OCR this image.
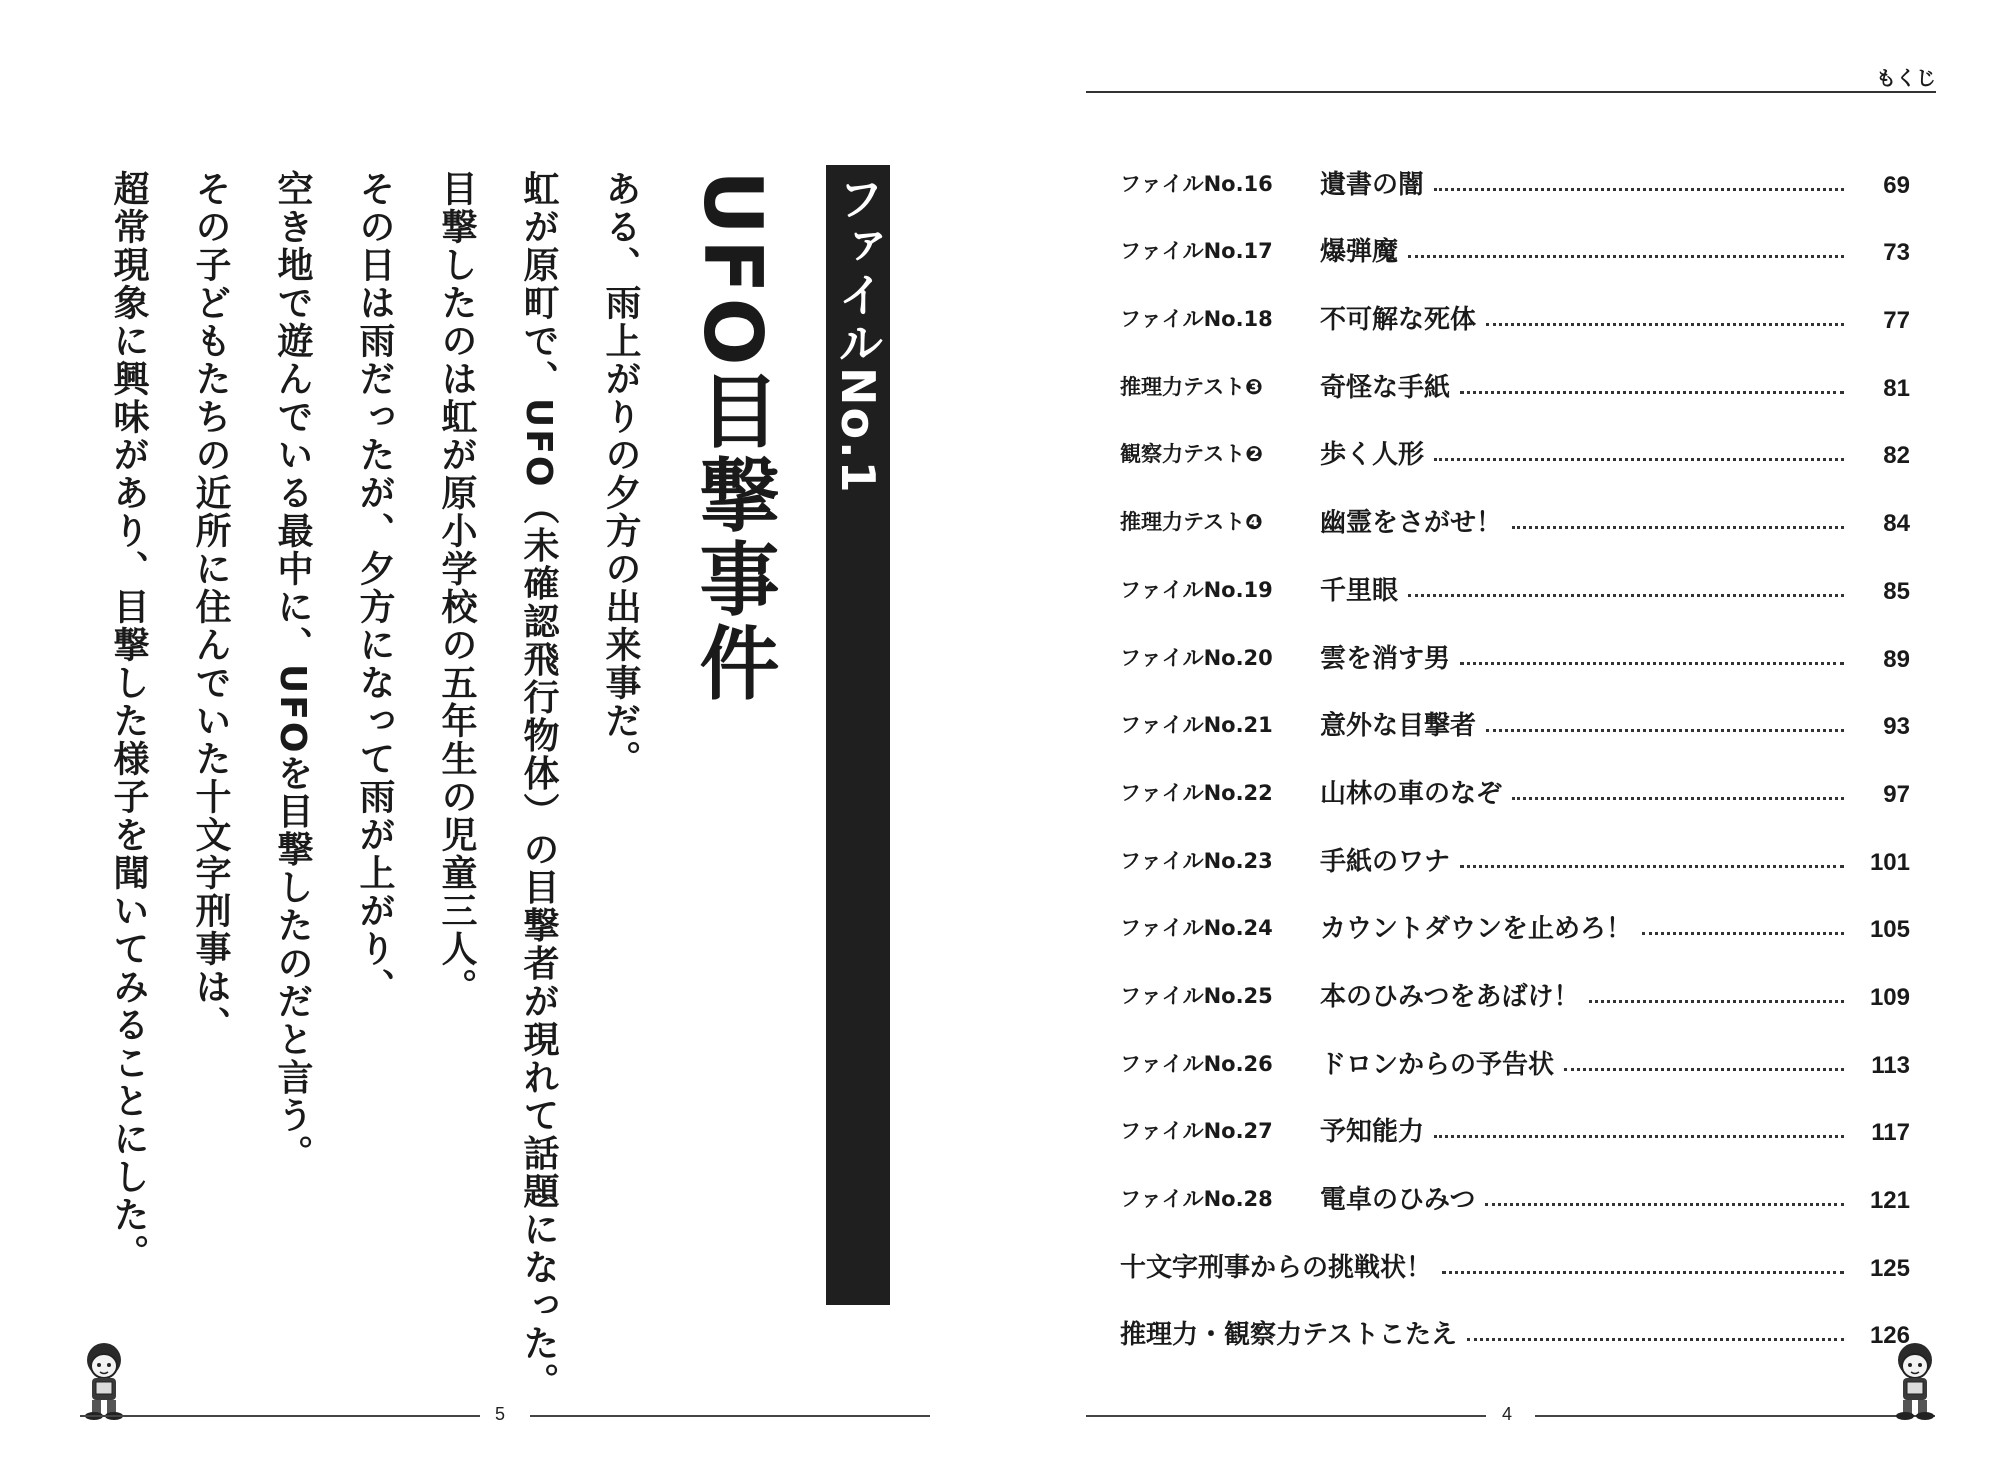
ファイルNo.1
UFO目撃事件
ある、雨上がりの夕方の出来事だ。
虹が原町で、UFO（未確認飛行物体）の目撃者が現れて話題になった。
目撃したのは虹が原小学校の五年生の児童三人。
その日は雨だったが、夕方になって雨が上がり、
空き地で遊んでいる最中に、UFOを目撃したのだと言う。
その子どもたちの近所に住んでいた十文字刑事は、
超常現象に興味があり、目撃した様子を聞いてみることにした。
5
もくじ
ファイルNo.16	遺書の闇	69
ファイルNo.17	爆弾魔	73
ファイルNo.18	不可解な死体	77
推理力テスト❸	奇怪な手紙	81
観察力テスト❷	歩く人形	82
推理力テスト❹	幽霊をさがせ！	84
ファイルNo.19	千里眼	85
ファイルNo.20	雲を消す男	89
ファイルNo.21	意外な目撃者	93
ファイルNo.22	山林の車のなぞ	97
ファイルNo.23	手紙のワナ	101
ファイルNo.24	カウントダウンを止めろ！	105
ファイルNo.25	本のひみつをあばけ！	109
ファイルNo.26	ドロンからの予告状	113
ファイルNo.27	予知能力	117
ファイルNo.28	電卓のひみつ	121
十文字刑事からの挑戦状！	125
推理力・観察力テストこたえ	126
4
